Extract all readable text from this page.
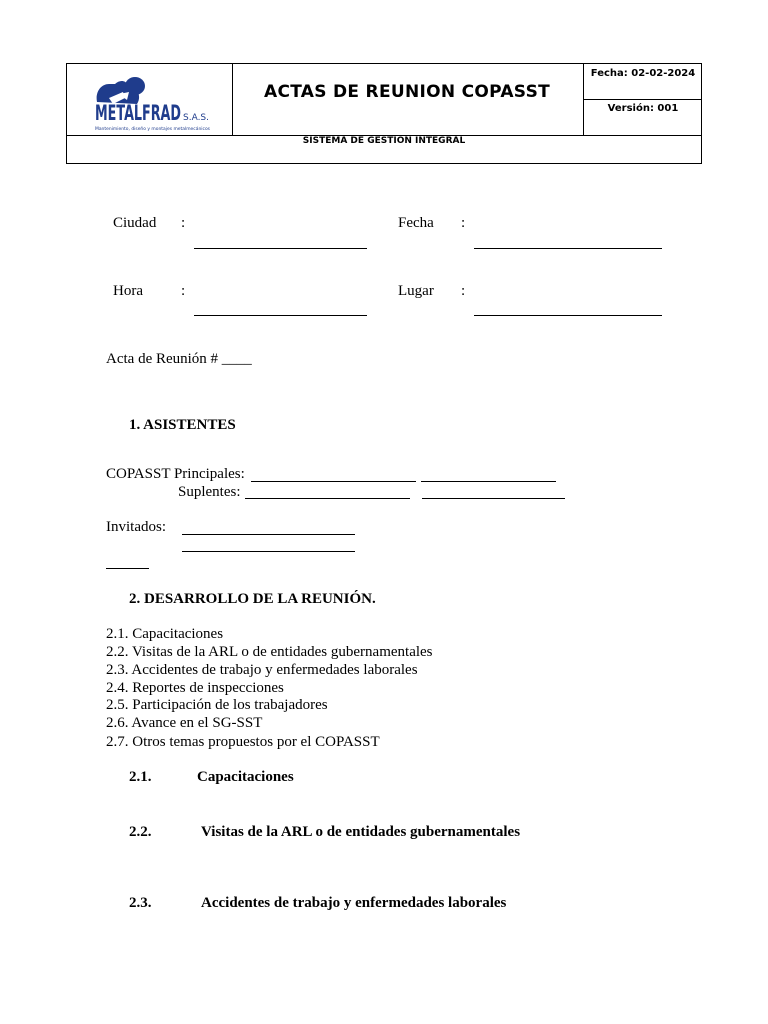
METALFRAD S.A.S.
Mantenimiento, diseño y montajes metalmecánicos
ACTAS DE REUNION COPASST
Fecha: 02-02-2024
Versión: 001
SISTEMA DE GESTION INTEGRAL
Ciudad :	Fecha :
Hora	:	Lugar :
Acta de Reunión # ____
1. ASISTENTES
COPASST Principales:
Suplentes:
Invitados:
2. DESARROLLO DE LA REUNIÓN.
2.1. Capacitaciones
2.2. Visitas de la ARL o de entidades gubernamentales
2.3. Accidentes de trabajo y enfermedades laborales
2.4. Reportes de inspecciones
2.5. Participación de los trabajadores
2.6. Avance en el SG-SST
2.7. Otros temas propuestos por el COPASST
2.1.	Capacitaciones
2.2.	Visitas de la ARL o de entidades gubernamentales
2.3.	Accidentes de trabajo y enfermedades laborales
